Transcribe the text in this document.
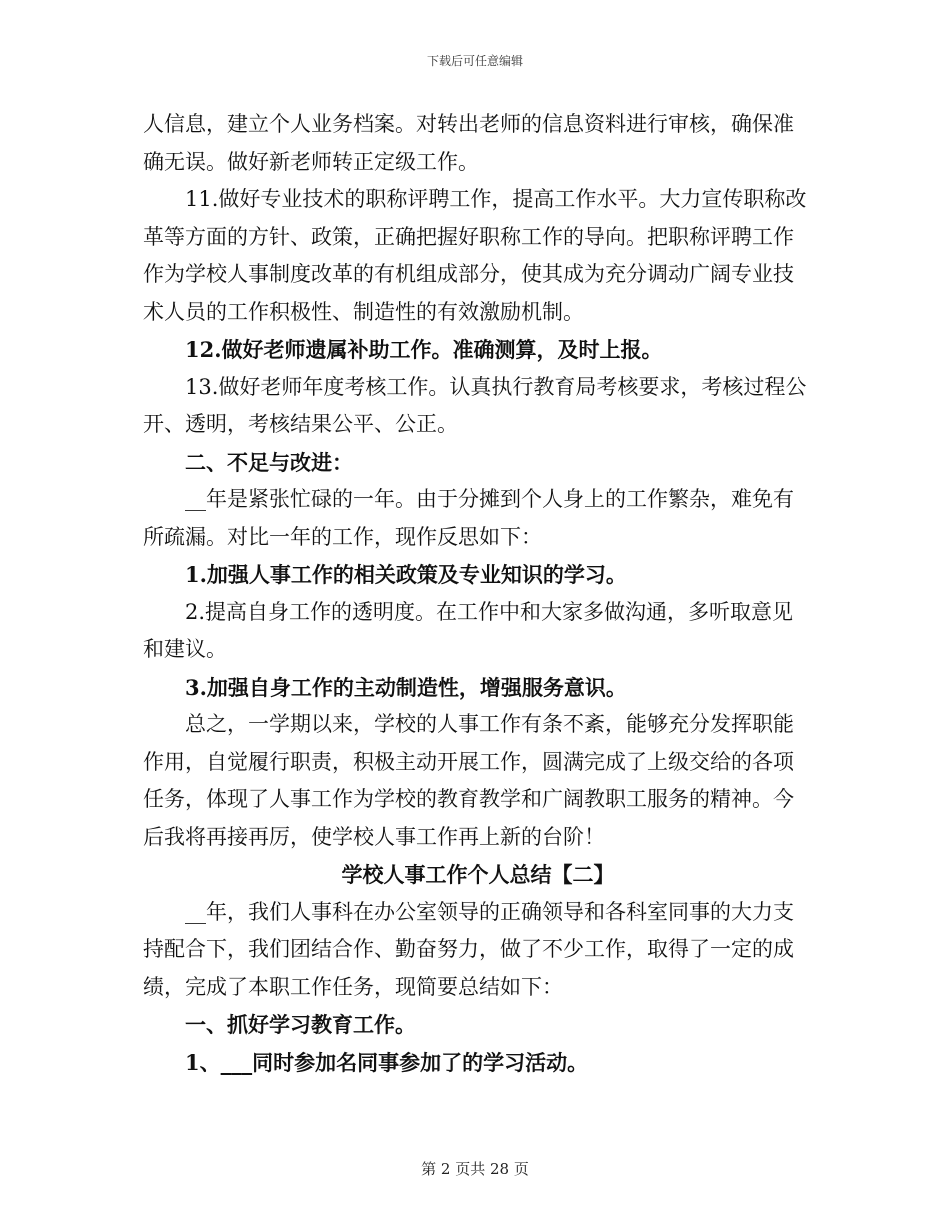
下载后可任意编辑

人信息，建立个人业务档案。对转出老师的信息资料进行审核，确保准确无误。做好新老师转正定级工作。

11.做好专业技术的职称评聘工作，提高工作水平。大力宣传职称改革等方面的方针、政策，正确把握好职称工作的导向。把职称评聘工作作为学校人事制度改革的有机组成部分，使其成为充分调动广阔专业技术人员的工作积极性、制造性的有效激励机制。

12.做好老师遗属补助工作。准确测算，及时上报。

13.做好老师年度考核工作。认真执行教育局考核要求，考核过程公开、透明，考核结果公平、公正。

二、不足与改进：

__年是紧张忙碌的一年。由于分摊到个人身上的工作繁杂，难免有所疏漏。对比一年的工作，现作反思如下：

1.加强人事工作的相关政策及专业知识的学习。

2.提高自身工作的透明度。在工作中和大家多做沟通，多听取意见和建议。

3.加强自身工作的主动制造性，增强服务意识。

总之，一学期以来，学校的人事工作有条不紊，能够充分发挥职能作用，自觉履行职责，积极主动开展工作，圆满完成了上级交给的各项任务，体现了人事工作为学校的教育教学和广阔教职工服务的精神。今后我将再接再厉，使学校人事工作再上新的台阶！

学校人事工作个人总结【二】

__年，我们人事科在办公室领导的正确领导和各科室同事的大力支持配合下，我们团结合作、勤奋努力，做了不少工作，取得了一定的成绩，完成了本职工作任务，现简要总结如下：

一、抓好学习教育工作。

1、___同时参加名同事参加了的学习活动。

第 2 页共 28 页
